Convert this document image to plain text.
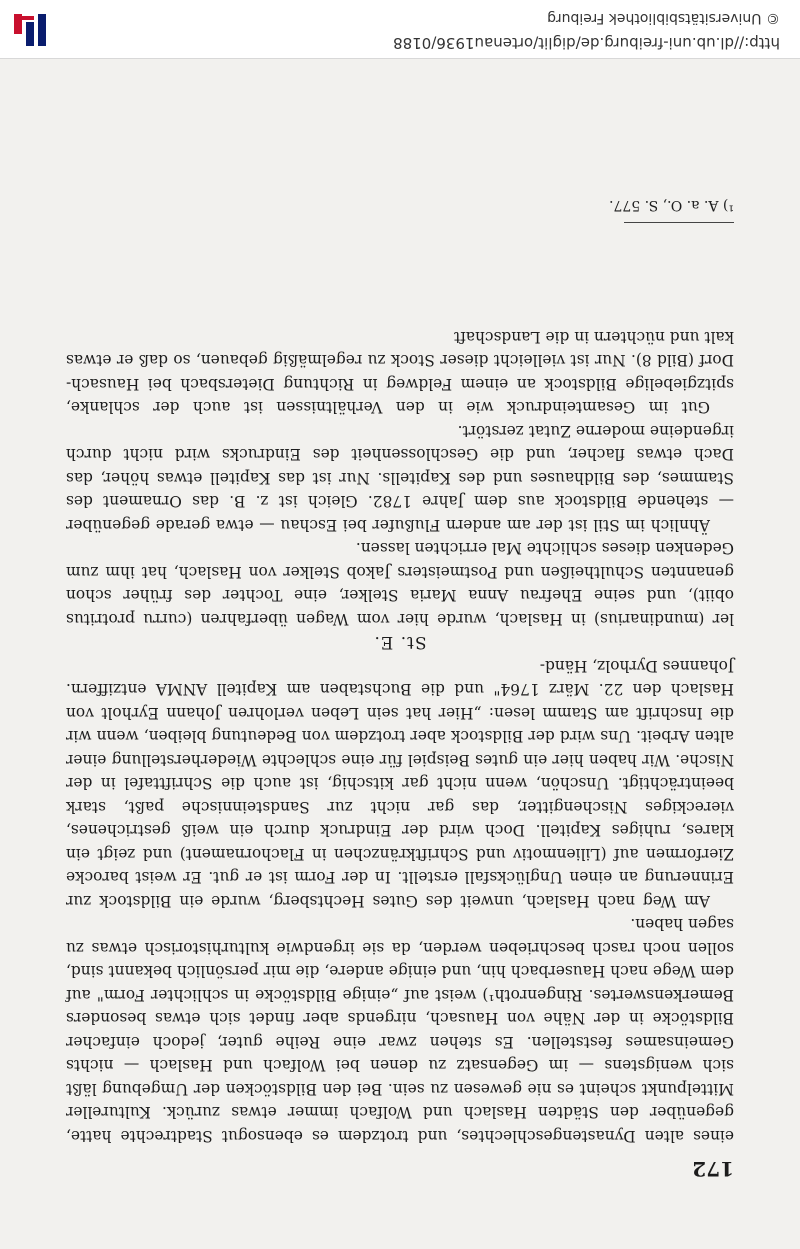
172

eines alten Dynastengeschlechtes, und trotzdem es ebensogut Stadtrechte hatte, gegenüber den Städten Haslach und Wolfach immer etwas zurück. Kultureller Mittelpunkt scheint es nie gewesen zu sein. Bei den Bildstöcken der Umgebung läßt sich wenigstens — im Gegensatz zu denen bei Wolfach und Haslach — nichts Gemeinsames feststellen. Es stehen zwar eine Reihe guter, jedoch einfacher Bildstöcke in der Nähe von Hausach, nirgends aber findet sich etwas besonders Bemerkenswertes. Ringenroth¹) weist auf „einige Bildstöcke in schlichter Form" auf dem Wege nach Hauserbach hin, und einige andere, die mir persönlich bekannt sind, sollen noch rasch beschrieben werden, da sie irgendwie kulturhistorisch etwas zu sagen haben.

Am Weg nach Haslach, unweit des Gutes Hechtsberg, wurde ein Bildstock zur Erinnerung an einen Unglücksfall erstellt. In der Form ist er gut. Er weist barocke Zierformen auf (Lilienmotiv und Schriftkränzchen in Flachornament) und zeigt ein klares, ruhiges Kapitell. Doch wird der Eindruck durch ein weiß gestrichenes, viereckiges Nischengitter, das gar nicht zur Sandsteinnische paßt, stark beeinträchtigt. Unschön, wenn nicht gar kitschig, ist auch die Schrifttafel in der Nische. Wir haben hier ein gutes Beispiel für eine schlechte Wiederherstellung einer alten Arbeit. Uns wird der Bildstock aber trotzdem von Bedeutung bleiben, wenn wir die Inschrift am Stamm lesen: „Hier hat sein Leben verlohren Johann Eyrholt von Haslach den 22. März 1764" und die Buchstaben am Kapitell ANMA entziffern. Johannes Dyrholz, Händ-

St. E.

ler (mundinarius) in Haslach, wurde hier vom Wagen überfahren (curru protritus obiit), und seine Ehefrau Anna Maria Stelker, eine Tochter des früher schon genannten Schultheißen und Postmeisters Jakob Stelker von Haslach, hat ihm zum Gedenken dieses schlichte Mal errichten lassen.

Ähnlich im Stil ist der am andern Flußufer bei Eschau — etwa gerade gegenüber — stehende Bildstock aus dem Jahre 1782. Gleich ist z. B. das Ornament des Stammes, des Bildhauses und des Kapitells. Nur ist das Kapitell etwas höher, das Dach etwas flacher, und die Geschlossenheit des Eindrucks wird nicht durch irgendeine moderne Zutat zerstört.

Gut im Gesamteindruck wie in den Verhältnissen ist auch der schlanke, spitzgiebelige Bildstock an einem Feldweg in Richtung Dietersbach bei Hausach-Dorf (Bild 8). Nur ist vielleicht dieser Stock zu regelmäßig gebauen, so daß er etwas kalt und nüchtern in die Landschaft

¹) A. a. O., S. 577.
http://dl.ub.uni-freiburg.de/diglit/ortenau1936/0188
© Universitätsbibliothek Freiburg
